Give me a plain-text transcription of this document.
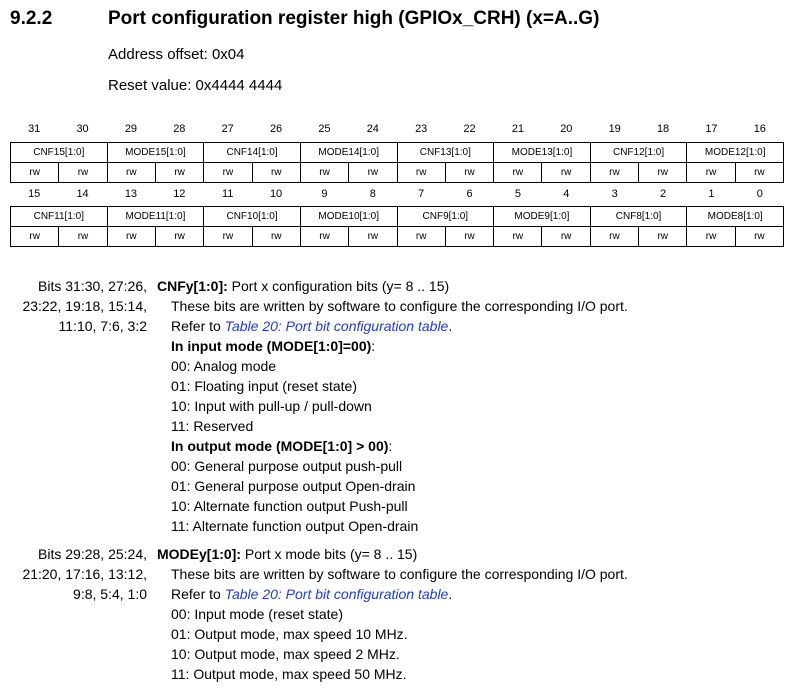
9.2.2	Port configuration register high (GPIOx_CRH) (x=A..G)
Address offset: 0x04
Reset value: 0x4444 4444
31	30	29	28	27	26	25	24	23	22	21	20	19	18	17	16
CNF15[1:0]		MODE15[1:0]		CNF14[1:0]		MODE14[1:0]		CNF13[1:0]		MODE13[1:0]		CNF12[1:0]		MODE12[1:0]	
rw	rw	rw	rw	rw	rw	rw	rw	rw	rw	rw	rw	rw	rw	rw	rw
15	14	13	12	11	10	9	8	7	6	5	4	3	2	1	0
CNF11[1:0]		MODE11[1:0]		CNF10[1:0]		MODE10[1:0]		CNF9[1:0]		MODE9[1:0]		CNF8[1:0]		MODE8[1:0]	
rw	rw	rw	rw	rw	rw	rw	rw	rw	rw	rw	rw	rw	rw	rw	rw
Bits 31:30, 27:26,
23:22, 19:18, 15:14,
11:10, 7:6, 3:2
CNFy[1:0]: Port x configuration bits (y= 8 .. 15)
These bits are written by software to configure the corresponding I/O port.
Refer to Table 20: Port bit configuration table.
In input mode (MODE[1:0]=00):
00: Analog mode
01: Floating input (reset state)
10: Input with pull-up / pull-down
11: Reserved
In output mode (MODE[1:0] > 00):
00: General purpose output push-pull
01: General purpose output Open-drain
10: Alternate function output Push-pull
11: Alternate function output Open-drain
Bits 29:28, 25:24,
21:20, 17:16, 13:12,
9:8, 5:4, 1:0
MODEy[1:0]: Port x mode bits (y= 8 .. 15)
These bits are written by software to configure the corresponding I/O port.
Refer to Table 20: Port bit configuration table.
00: Input mode (reset state)
01: Output mode, max speed 10 MHz.
10: Output mode, max speed 2 MHz.
11: Output mode, max speed 50 MHz.
